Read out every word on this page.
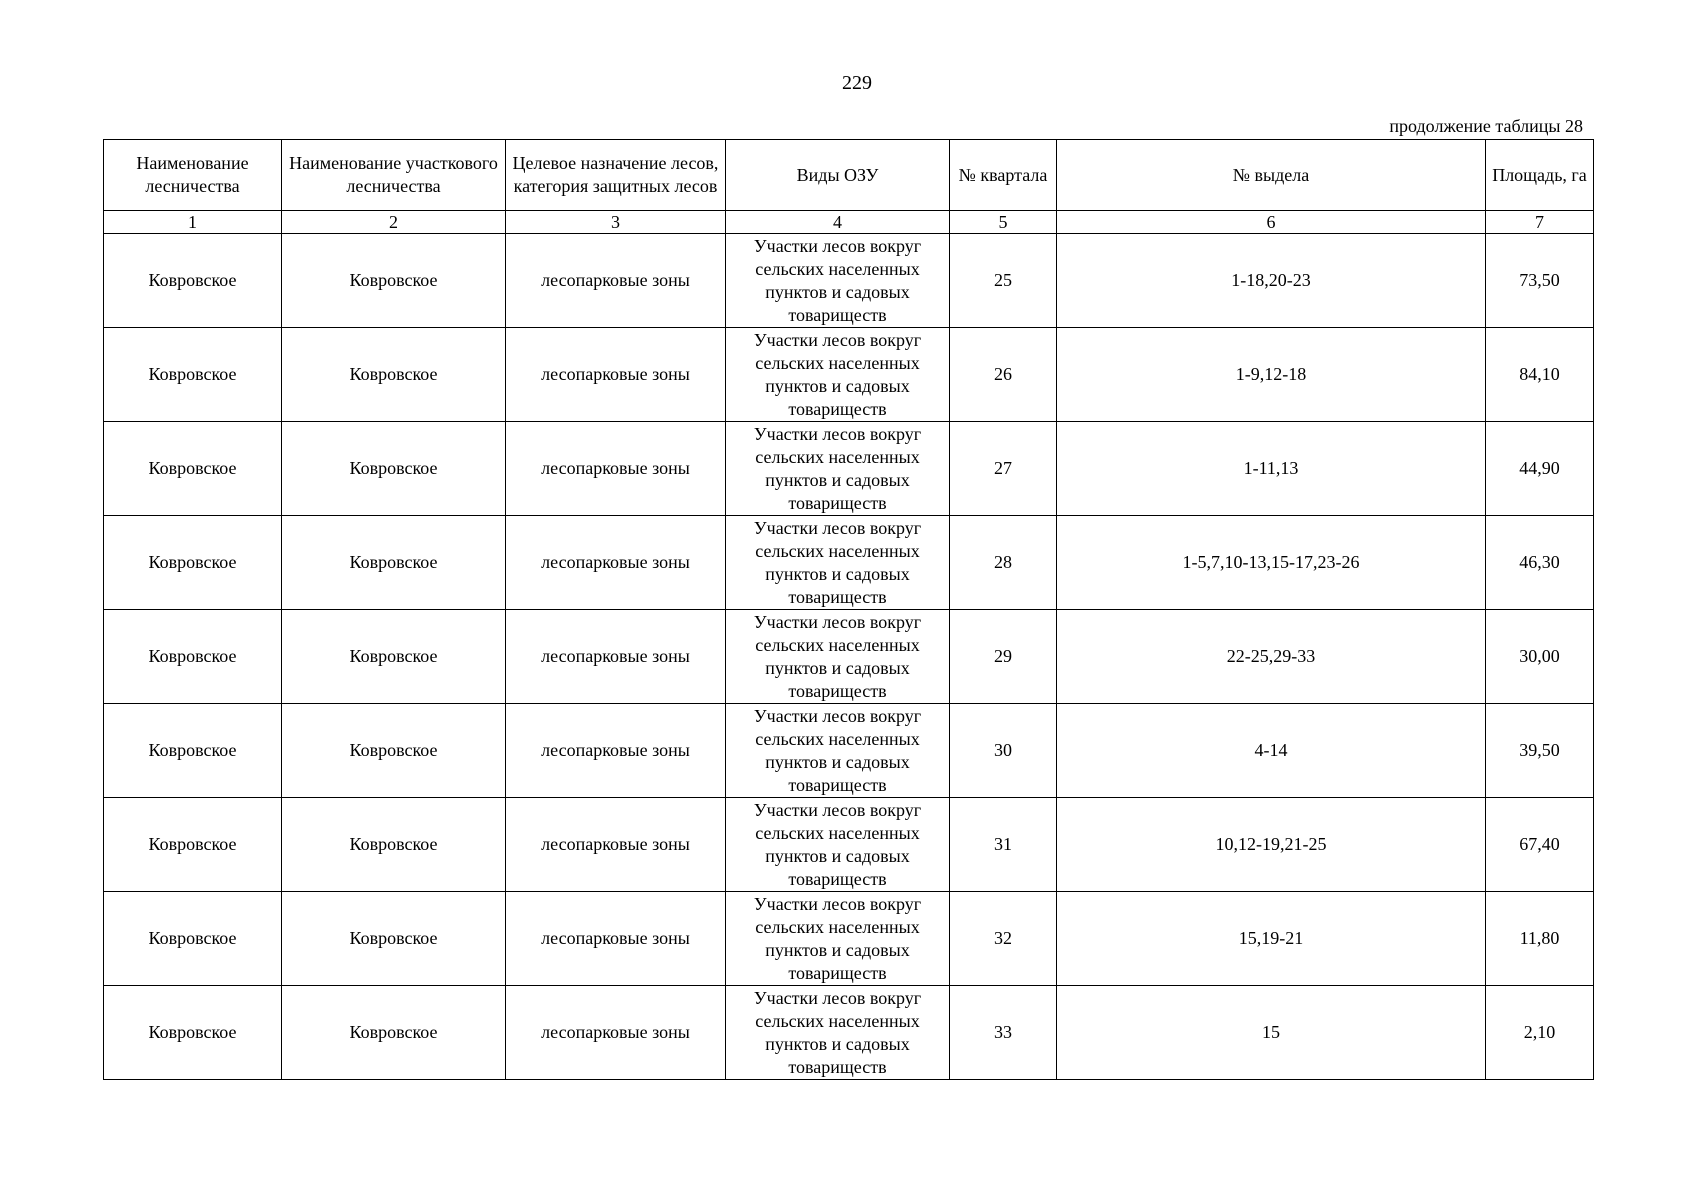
229
продолжение таблицы 28
Наименование лесничества	Наименование участкового лесничества	Целевое назначение лесов, категория защитных лесов	Виды ОЗУ	№ квартала	№ выдела	Площадь, га
1	2	3	4	5	6	7
Ковровское	Ковровское	лесопарковые зоны	Участки лесов вокруг сельских населенных пунктов и садовых товариществ	25	1-18,20-23	73,50
Ковровское	Ковровское	лесопарковые зоны	Участки лесов вокруг сельских населенных пунктов и садовых товариществ	26	1-9,12-18	84,10
Ковровское	Ковровское	лесопарковые зоны	Участки лесов вокруг сельских населенных пунктов и садовых товариществ	27	1-11,13	44,90
Ковровское	Ковровское	лесопарковые зоны	Участки лесов вокруг сельских населенных пунктов и садовых товариществ	28	1-5,7,10-13,15-17,23-26	46,30
Ковровское	Ковровское	лесопарковые зоны	Участки лесов вокруг сельских населенных пунктов и садовых товариществ	29	22-25,29-33	30,00
Ковровское	Ковровское	лесопарковые зоны	Участки лесов вокруг сельских населенных пунктов и садовых товариществ	30	4-14	39,50
Ковровское	Ковровское	лесопарковые зоны	Участки лесов вокруг сельских населенных пунктов и садовых товариществ	31	10,12-19,21-25	67,40
Ковровское	Ковровское	лесопарковые зоны	Участки лесов вокруг сельских населенных пунктов и садовых товариществ	32	15,19-21	11,80
Ковровское	Ковровское	лесопарковые зоны	Участки лесов вокруг сельских населенных пунктов и садовых товариществ	33	15	2,10
